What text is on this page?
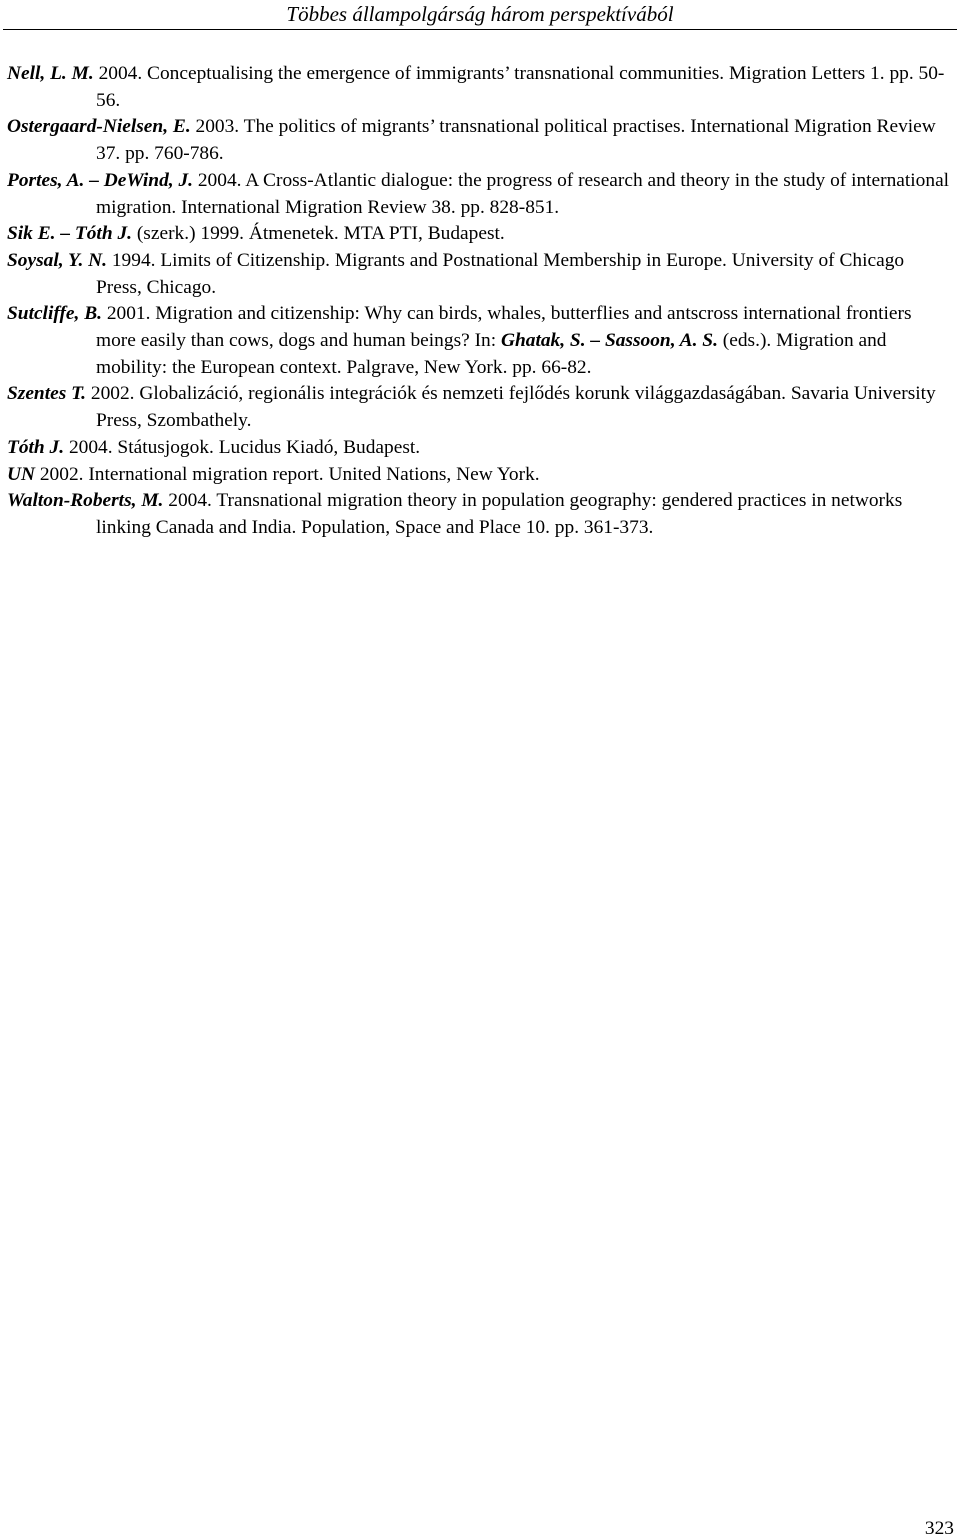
Többes állampolgárság három perspektívából
Nell, L. M. 2004. Conceptualising the emergence of immigrants’ transnational communities. Migration Letters 1. pp. 50-56.
Ostergaard-Nielsen, E. 2003. The politics of migrants’ transnational political practises. International Migration Review 37. pp. 760-786.
Portes, A. – DeWind, J. 2004. A Cross-Atlantic dialogue: the progress of research and theory in the study of international migration. International Migration Review 38. pp. 828-851.
Sik E. – Tóth J. (szerk.) 1999. Átmenetek. MTA PTI, Budapest.
Soysal, Y. N. 1994. Limits of Citizenship. Migrants and Postnational Membership in Europe. University of Chicago Press, Chicago.
Sutcliffe, B. 2001. Migration and citizenship: Why can birds, whales, butterflies and antscross international frontiers more easily than cows, dogs and human beings? In: Ghatak, S. – Sassoon, A. S. (eds.). Migration and mobility: the European context. Palgrave, New York. pp. 66-82.
Szentes T. 2002. Globalizáció, regionális integrációk és nemzeti fejlődés korunk világgazdaságában. Savaria University Press, Szombathely.
Tóth J. 2004. Státusjogok. Lucidus Kiadó, Budapest.
UN 2002. International migration report. United Nations, New York.
Walton-Roberts, M. 2004. Transnational migration theory in population geography: gendered practices in networks linking Canada and India. Population, Space and Place 10. pp. 361-373.
323
